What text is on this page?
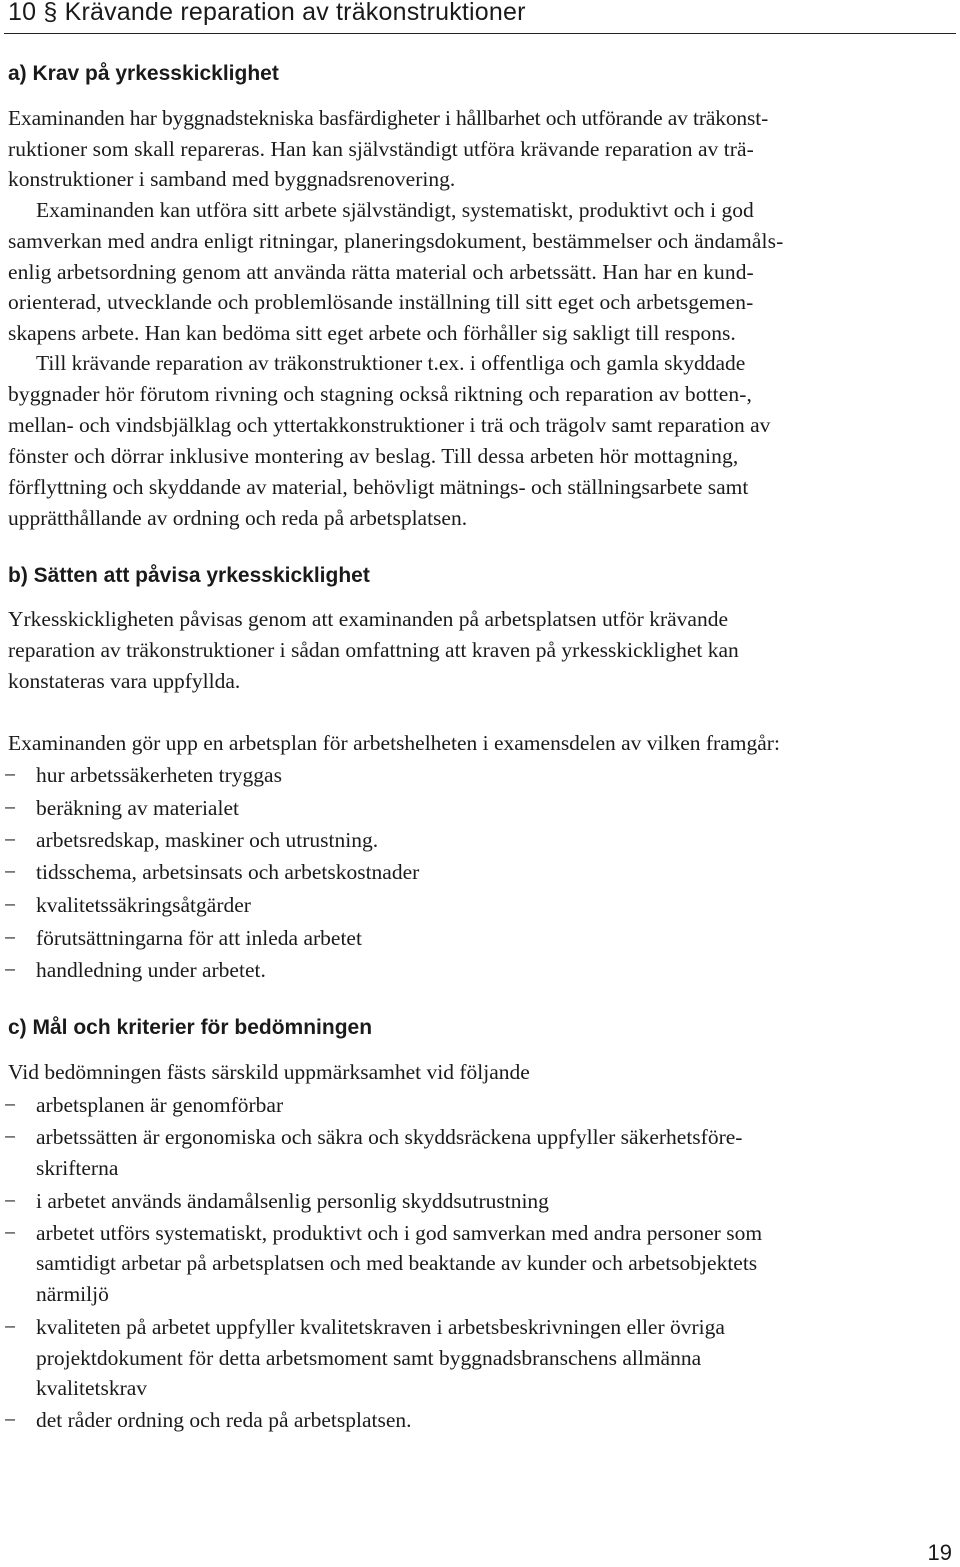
10 § Krävande reparation av träkonstruktioner
a) Krav på yrkesskicklighet
Examinanden har byggnadstekniska basfärdigheter i hållbarhet och utförande av träkonst-
ruktioner som skall repareras. Han kan självständigt utföra krävande reparation av trä-
konstruktioner i samband med byggnadsrenovering.
Examinanden kan utföra sitt arbete självständigt, systematiskt, produktivt och i god
samverkan med andra enligt ritningar, planeringsdokument, bestämmelser och ändamåls-
enlig arbetsordning genom att använda rätta material och arbetssätt. Han har en kund-
orienterad, utvecklande och problemlösande inställning till sitt eget och arbetsgemen-
skapens arbete. Han kan bedöma sitt eget arbete och förhåller sig sakligt till respons.
Till krävande reparation av träkonstruktioner t.ex. i offentliga och gamla skyddade
byggnader hör förutom rivning och stagning också riktning och reparation av botten-,
mellan- och vindsbjälklag och yttertakkonstruktioner i trä och trägolv samt reparation av
fönster och dörrar inklusive montering av beslag. Till dessa arbeten hör mottagning,
förflyttning och skyddande av material, behövligt mätnings- och ställningsarbete samt
upprätthållande av ordning och reda på arbetsplatsen.
b) Sätten att påvisa yrkesskicklighet
Yrkesskickligheten påvisas genom att examinanden på arbetsplatsen utför krävande
reparation av träkonstruktioner i sådan omfattning att kraven på yrkesskicklighet kan
konstateras vara uppfyllda.
Examinanden gör upp en arbetsplan för arbetshelheten i examensdelen av vilken framgår:
− hur arbetssäkerheten tryggas
− beräkning av materialet
− arbetsredskap, maskiner och utrustning.
− tidsschema, arbetsinsats och arbetskostnader
− kvalitetssäkringsåtgärder
− förutsättningarna för att inleda arbetet
− handledning under arbetet.
c) Mål och kriterier för bedömningen
Vid bedömningen fästs särskild uppmärksamhet vid följande
− arbetsplanen är genomförbar
− arbetssätten är ergonomiska och säkra och skyddsräckena uppfyller säkerhetsföre-
skrifterna
− i arbetet används ändamålsenlig personlig skyddsutrustning
− arbetet utförs systematiskt, produktivt och i god samverkan med andra personer som
samtidigt arbetar på arbetsplatsen och med beaktande av kunder och arbetsobjektets
närmiljö
− kvaliteten på arbetet uppfyller kvalitetskraven i arbetsbeskrivningen eller övriga
projektdokument för detta arbetsmoment samt byggnadsbranschens allmänna
kvalitetskrav
− det råder ordning och reda på arbetsplatsen.
19
